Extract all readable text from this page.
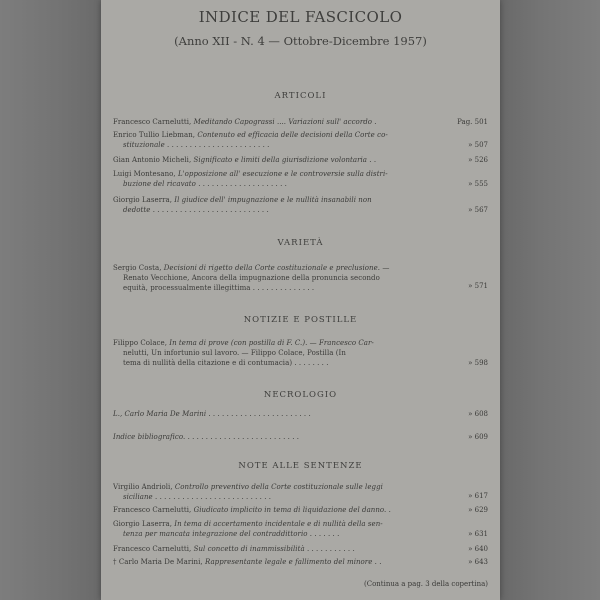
INDICE DEL FASCICOLO
(Anno XII - N. 4 — Ottobre-Dicembre 1957)
ARTICOLI
Francesco Carnelutti, Meditando Capograssi .... Variazioni sull' accordo .	Pag. 501
Enrico Tullio Liebman, Contenuto ed efficacia delle decisioni della Corte co-
stituzionale . . . . . . . . . . . . . . . . . . . . . . .	» 507
Gian Antonio Micheli, Significato e limiti della giurisdizione volontaria . .	» 526
Luigi Montesano, L'opposizione all' esecuzione e le controversie sulla distri-
buzione del ricavato . . . . . . . . . . . . . . . . . . . .	» 555
Giorgio Laserra, Il giudice dell' impugnazione e le nullità insanabili non
dedotte . . . . . . . . . . . . . . . . . . . . . . . . . .	» 567
VARIETÀ
Sergio Costa, Decisioni di rigetto della Corte costituzionale e preclusione. —
Renato Vecchione, Ancora della impugnazione della pronuncia secondo
equità, processualmente illegittima . . . . . . . . . . . . . .	» 571
NOTIZIE E POSTILLE
Filippo Colace, In tema di prove (con postilla di F. C.). — Francesco Car-
nelutti, Un infortunio sul lavoro. — Filippo Colace, Postilla (In
tema di nullità della citazione e di contumacia) . . . . . . . .	» 598
NECROLOGIO
L., Carlo Maria De Marini . . . . . . . . . . . . . . . . . . . . . . .	» 608
Indice bibliografico. . . . . . . . . . . . . . . . . . . . . . . . . .	» 609
NOTE ALLE SENTENZE
Virgilio Andrioli, Controllo preventivo della Corte costituzionale sulle leggi
siciliane . . . . . . . . . . . . . . . . . . . . . . . . . .	» 617
Francesco Carnelutti, Giudicato implicito in tema di liquidazione del danno. .	» 629
Giorgio Laserra, In tema di accertamento incidentale e di nullità della sen-
tenza per mancata integrazione del contraddittorio . . . . . . .	» 631
Francesco Carnelutti, Sul concetto di inammissibilità . . . . . . . . . . .	» 640
† Carlo Maria De Marini, Rappresentante legale e fallimento del minore . .	» 643
(Continua a pag. 3 della copertina)
